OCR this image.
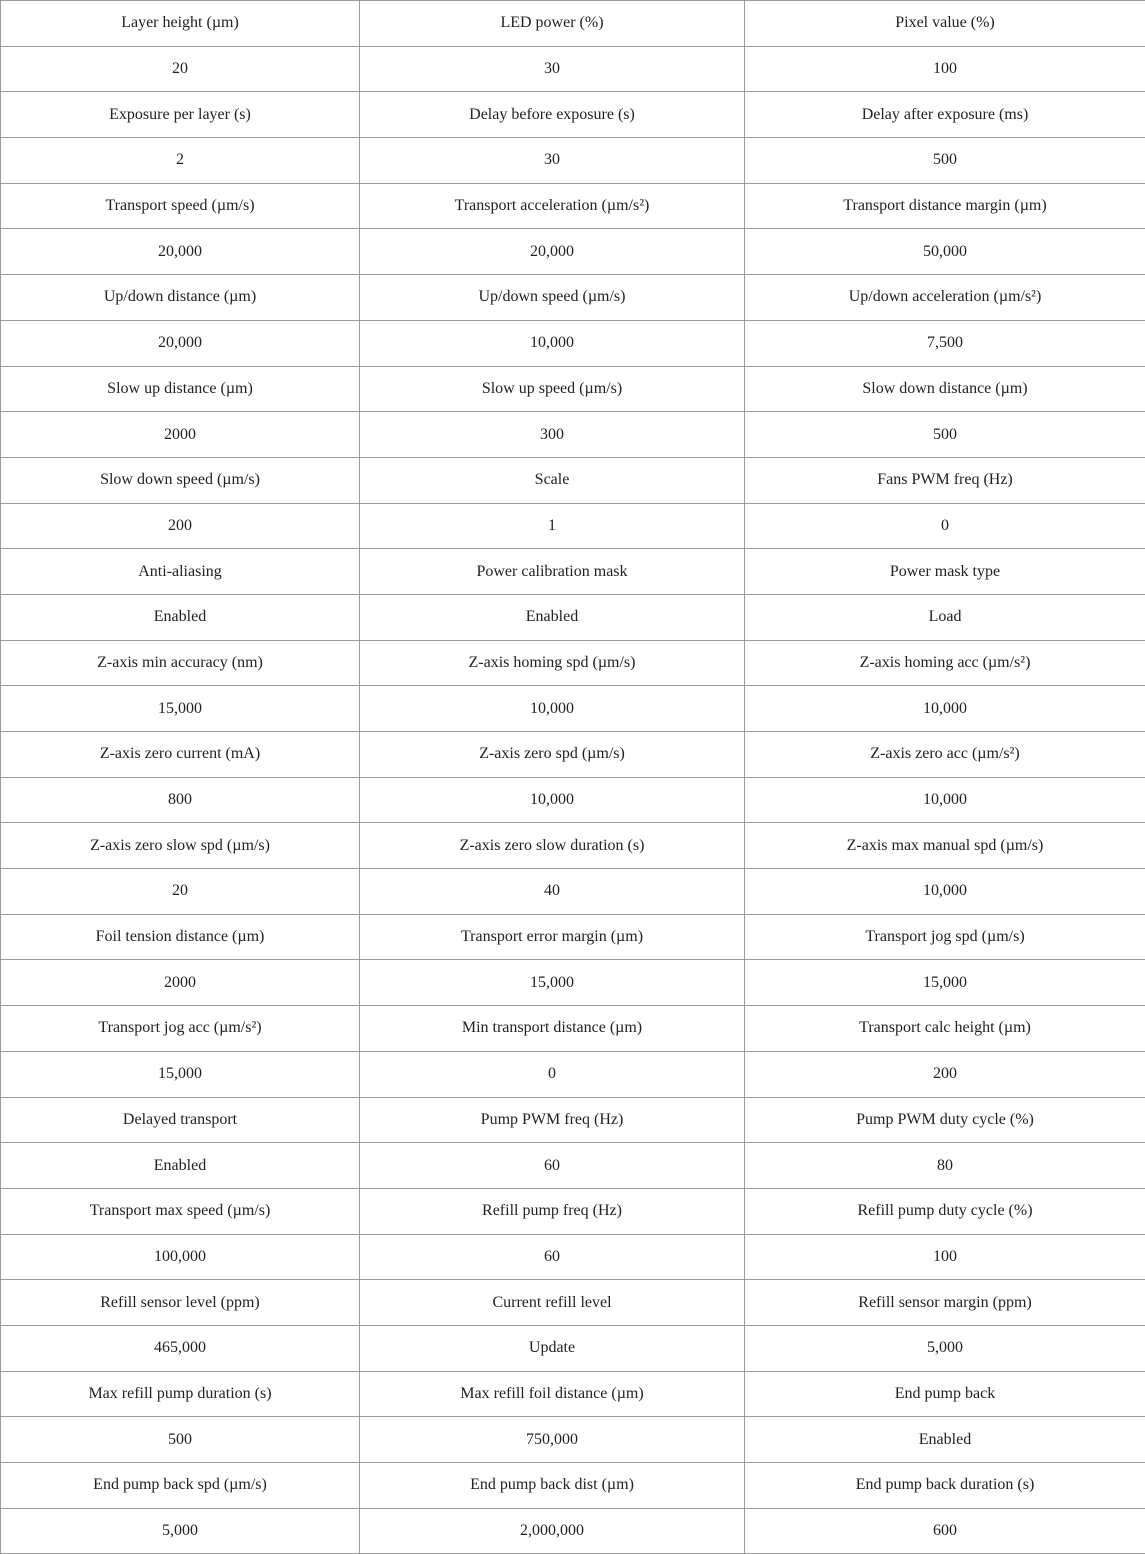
Layer height (µm)	LED power (%)	Pixel value (%)
20	30	100
Exposure per layer (s)	Delay before exposure (s)	Delay after exposure (ms)
2	30	500
Transport speed (µm/s)	Transport acceleration (µm/s²)	Transport distance margin (µm)
20,000	20,000	50,000
Up/down distance (µm)	Up/down speed (µm/s)	Up/down acceleration (µm/s²)
20,000	10,000	7,500
Slow up distance (µm)	Slow up speed (µm/s)	Slow down distance (µm)
2000	300	500
Slow down speed (µm/s)	Scale	Fans PWM freq (Hz)
200	1	0
Anti-aliasing	Power calibration mask	Power mask type
Enabled	Enabled	Load
Z-axis min accuracy (nm)	Z-axis homing spd (µm/s)	Z-axis homing acc (µm/s²)
15,000	10,000	10,000
Z-axis zero current (mA)	Z-axis zero spd (µm/s)	Z-axis zero acc (µm/s²)
800	10,000	10,000
Z-axis zero slow spd (µm/s)	Z-axis zero slow duration (s)	Z-axis max manual spd (µm/s)
20	40	10,000
Foil tension distance (µm)	Transport error margin (µm)	Transport jog spd (µm/s)
2000	15,000	15,000
Transport jog acc (µm/s²)	Min transport distance (µm)	Transport calc height (µm)
15,000	0	200
Delayed transport	Pump PWM freq (Hz)	Pump PWM duty cycle (%)
Enabled	60	80
Transport max speed (µm/s)	Refill pump freq (Hz)	Refill pump duty cycle (%)
100,000	60	100
Refill sensor level (ppm)	Current refill level	Refill sensor margin (ppm)
465,000	Update	5,000
Max refill pump duration (s)	Max refill foil distance (µm)	End pump back
500	750,000	Enabled
End pump back spd (µm/s)	End pump back dist (µm)	End pump back duration (s)
5,000	2,000,000	600
